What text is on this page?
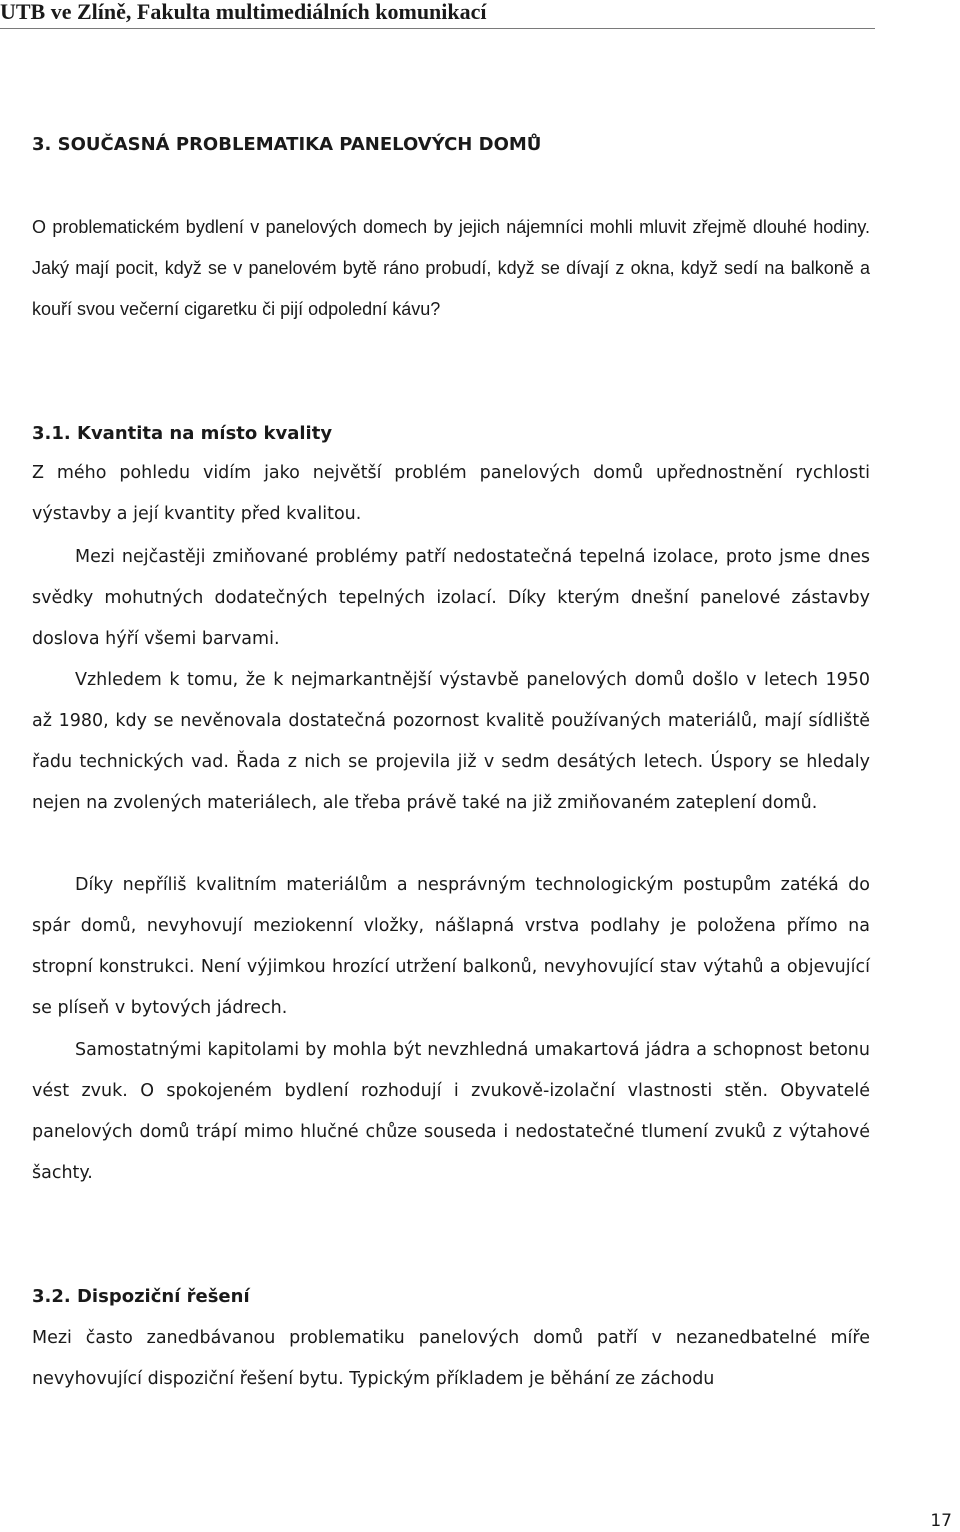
UTB ve Zlíně, Fakulta multimediálních komunikací
3. SOUČASNÁ PROBLEMATIKA PANELOVÝCH DOMŮ

O problematickém bydlení v panelových domech by jejich nájemníci mohli mluvit zřejmě dlouhé hodiny. Jaký mají pocit, když se v panelovém bytě ráno probudí, když se dívají z okna, když sedí na balkoně a kouří svou večerní cigaretku či pijí odpolední kávu?

3.1. Kvantita na místo kvality

Z mého pohledu vidím jako největší problém panelových domů upřednostnění rychlosti výstavby a její kvantity před kvalitou.

Mezi nejčastěji zmiňované problémy patří nedostatečná tepelná izolace, proto jsme dnes svědky mohutných dodatečných tepelných izolací. Díky kterým dnešní panelové zástavby doslova hýří všemi barvami.

Vzhledem k tomu, že k nejmarkantnější výstavbě panelových domů došlo v letech 1950 až 1980, kdy se nevěnovala dostatečná pozornost kvalitě používaných materiálů, mají sídliště řadu technických vad. Řada z nich se projevila již v sedm desátých letech. Úspory se hledaly nejen na zvolených materiálech, ale třeba právě také na již zmiňovaném zateplení domů.

Díky nepříliš kvalitním materiálům a nesprávným technologickým postupům zatéká do spár domů, nevyhovují meziokenní vložky, nášlapná vrstva podlahy je položena přímo na stropní konstrukci. Není výjimkou hrozící utržení balkonů, nevyhovující stav výtahů a objevující se plíseň v bytových jádrech.

Samostatnými kapitolami by mohla být nevzhledná umakartová jádra a schopnost betonu vést zvuk. O spokojeném bydlení rozhodují i zvukově-izolační vlastnosti stěn. Obyvatelé panelových domů trápí mimo hlučné chůze souseda i nedostatečné tlumení zvuků z výtahové šachty.

3.2. Dispoziční řešení

Mezi často zanedbávanou problematiku panelových domů patří v nezanedbatelné míře nevyhovující dispoziční řešení bytu. Typickým příkladem je běhání ze záchodu

17
